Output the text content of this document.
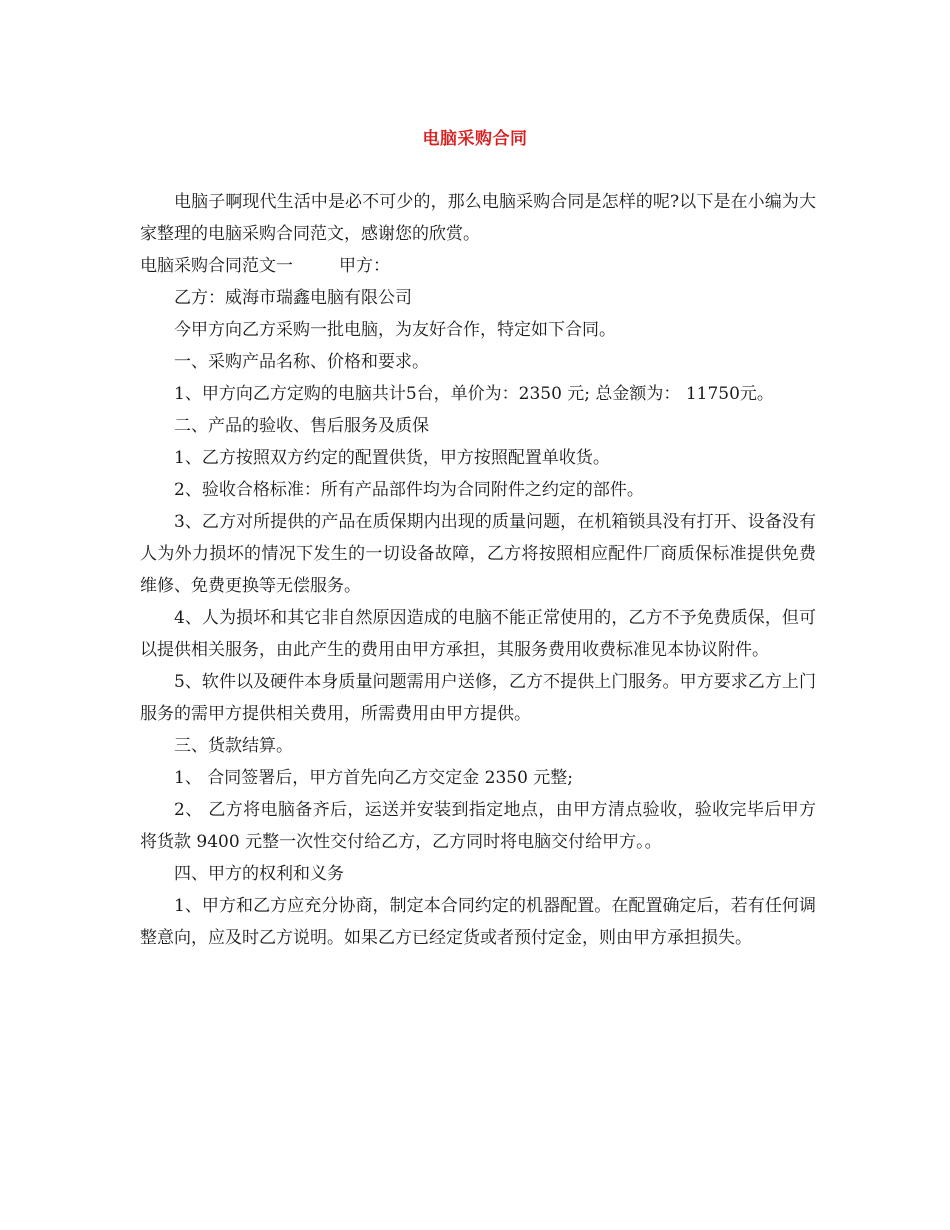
电脑采购合同

电脑子啊现代生活中是必不可少的，那么电脑采购合同是怎样的呢?以下是在小编为大家整理的电脑采购合同范文，感谢您的欣赏。

电脑采购合同范文一	甲方：

乙方：威海市瑞鑫电脑有限公司

今甲方向乙方采购一批电脑，为友好合作，特定如下合同。

一、采购产品名称、价格和要求。

1、甲方向乙方定购的电脑共计5台，单价为：2350 元; 总金额为： 11750元。

二、产品的验收、售后服务及质保

1、乙方按照双方约定的配置供货，甲方按照配置单收货。

2、验收合格标准：所有产品部件均为合同附件之约定的部件。

3、乙方对所提供的产品在质保期内出现的质量问题，在机箱锁具没有打开、设备没有人为外力损坏的情况下发生的一切设备故障，乙方将按照相应配件厂商质保标准提供免费维修、免费更换等无偿服务。

4、人为损坏和其它非自然原因造成的电脑不能正常使用的，乙方不予免费质保，但可以提供相关服务，由此产生的费用由甲方承担，其服务费用收费标准见本协议附件。

5、软件以及硬件本身质量问题需用户送修，乙方不提供上门服务。甲方要求乙方上门服务的需甲方提供相关费用，所需费用由甲方提供。

三、货款结算。

1、 合同签署后，甲方首先向乙方交定金 2350 元整;

2、 乙方将电脑备齐后，运送并安装到指定地点，由甲方清点验收，验收完毕后甲方将货款 9400 元整一次性交付给乙方，乙方同时将电脑交付给甲方。。

四、甲方的权利和义务

1、甲方和乙方应充分协商，制定本合同约定的机器配置。在配置确定后，若有任何调整意向，应及时乙方说明。如果乙方已经定货或者预付定金，则由甲方承担损失。
